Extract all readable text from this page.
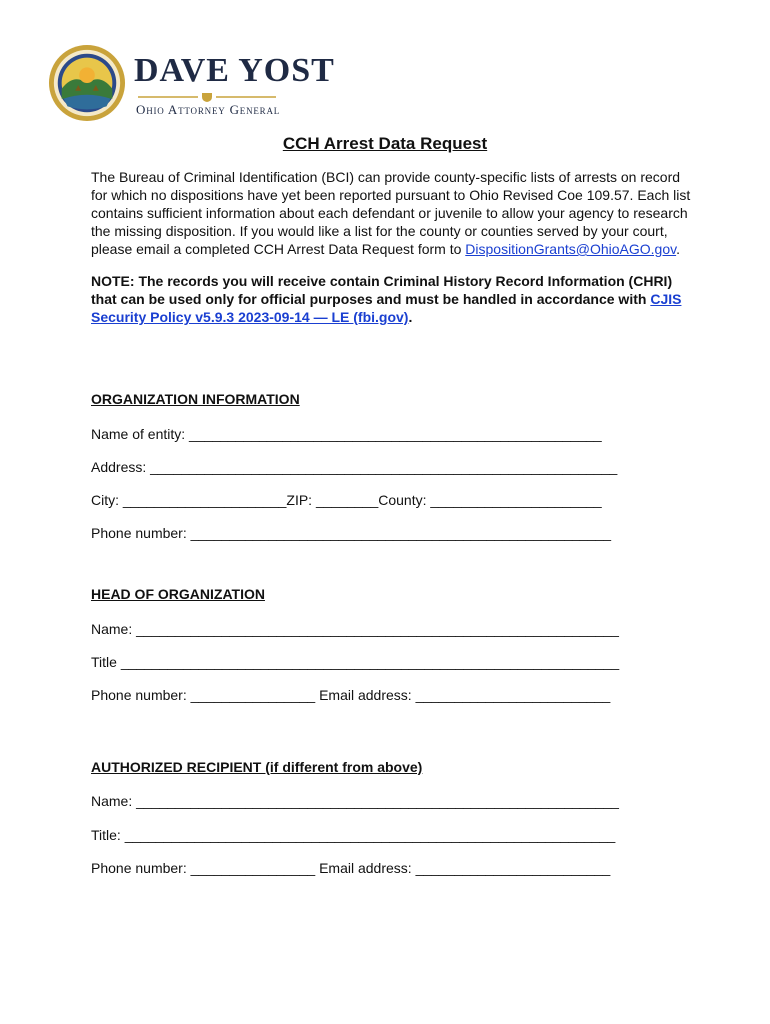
DAVE YOST
Ohio Attorney General
CCH Arrest Data Request

The Bureau of Criminal Identification (BCI) can provide county-specific lists of arrests on record for which no dispositions have yet been reported pursuant to Ohio Revised Coe 109.57. Each list contains sufficient information about each defendant or juvenile to allow your agency to research the missing disposition. If you would like a list for the county or counties served by your court, please email a completed CCH Arrest Data Request form to DispositionGrants@OhioAGO.gov.

NOTE: The records you will receive contain Criminal History Record Information (CHRI) that can be used only for official purposes and must be handled in accordance with CJIS Security Policy v5.9.3 2023-09-14 — LE (fbi.gov).

ORGANIZATION INFORMATION
Name of entity: _____________________________________________________
Address: ____________________________________________________________
City: _____________________ZIP: ________County: ______________________
Phone number: ______________________________________________________
HEAD OF ORGANIZATION
Name: ______________________________________________________________
Title ________________________________________________________________
Phone number: ________________ Email address: _________________________
AUTHORIZED RECIPIENT (if different from above)
Name: ______________________________________________________________
Title: _______________________________________________________________
Phone number: ________________ Email address: _________________________
